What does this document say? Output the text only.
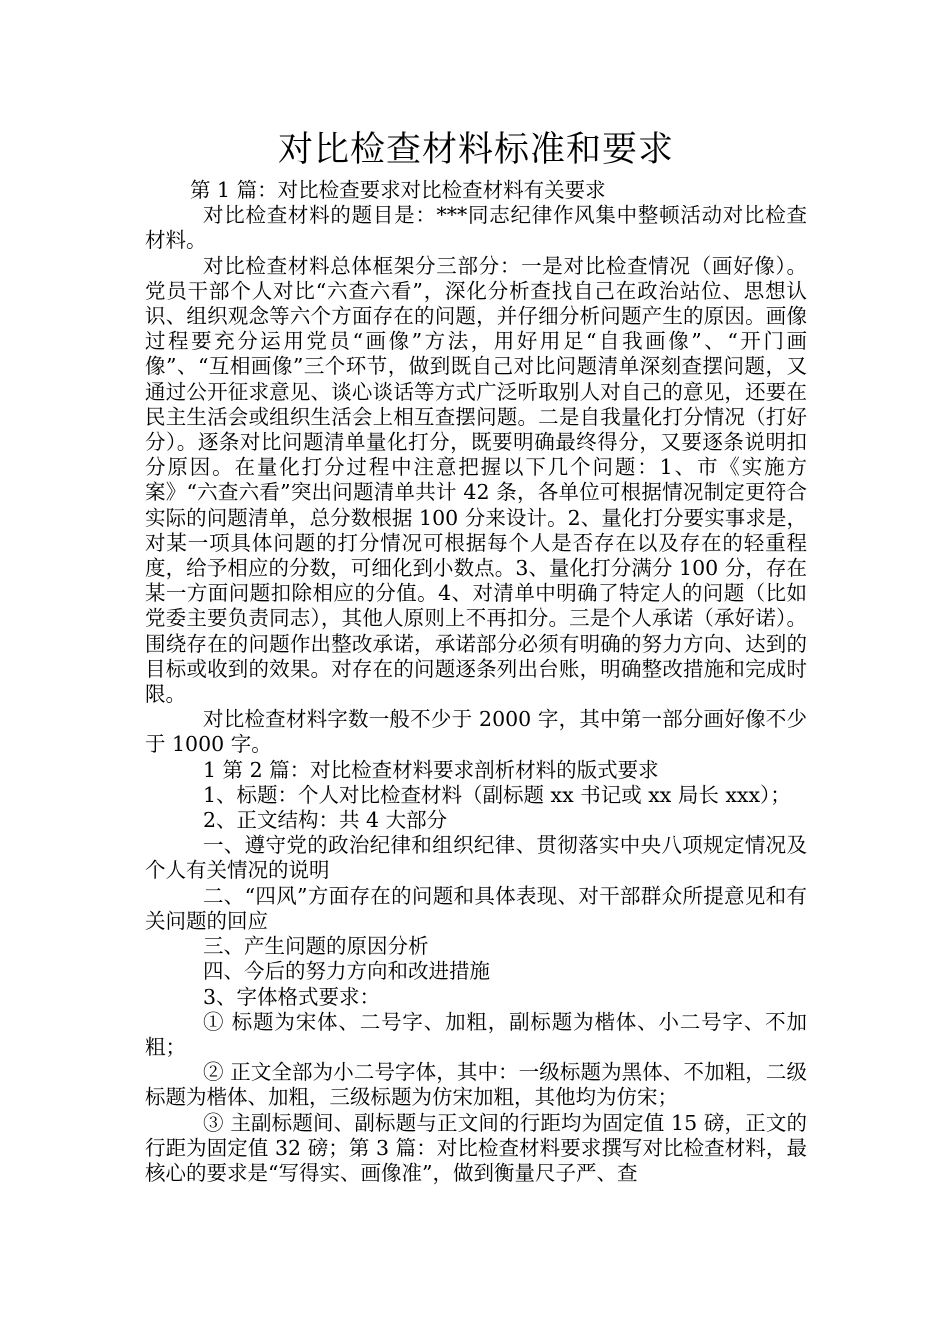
对比检查材料标准和要求

第 1 篇：对比检查要求对比检查材料有关要求

对比检查材料的题目是：***同志纪律作风集中整顿活动对比检查材料。

对比检查材料总体框架分三部分：一是对比检查情况（画好像）。党员干部个人对比“六查六看”，深化分析查找自己在政治站位、思想认识、组织观念等六个方面存在的问题，并仔细分析问题产生的原因。画像过程要充分运用党员“画像”方法，用好用足“自我画像”、“开门画像”、“互相画像”三个环节，做到既自己对比问题清单深刻查摆问题，又通过公开征求意见、谈心谈话等方式广泛听取别人对自己的意见，还要在民主生活会或组织生活会上相互查摆问题。二是自我量化打分情况（打好分）。逐条对比问题清单量化打分，既要明确最终得分，又要逐条说明扣分原因。在量化打分过程中注意把握以下几个问题：1、市《实施方案》“六查六看”突出问题清单共计 42 条，各单位可根据情况制定更符合实际的问题清单，总分数根据 100 分来设计。2、量化打分要实事求是，对某一项具体问题的打分情况可根据每个人是否存在以及存在的轻重程度，给予相应的分数，可细化到小数点。3、量化打分满分 100 分，存在某一方面问题扣除相应的分值。4、对清单中明确了特定人的问题（比如党委主要负责同志），其他人原则上不再扣分。三是个人承诺（承好诺）。围绕存在的问题作出整改承诺，承诺部分必须有明确的努力方向、达到的目标或收到的效果。对存在的问题逐条列出台账，明确整改措施和完成时限。

对比检查材料字数一般不少于 2000 字，其中第一部分画好像不少于 1000 字。

1 第 2 篇：对比检查材料要求剖析材料的版式要求

1、标题：个人对比检查材料（副标题 xx 书记或 xx 局长 xxx）；

2、正文结构：共 4 大部分

一、遵守党的政治纪律和组织纪律、贯彻落实中央八项规定情况及个人有关情况的说明

二、“四风”方面存在的问题和具体表现、对干部群众所提意见和有关问题的回应

三、产生问题的原因分析

四、今后的努力方向和改进措施

3、字体格式要求：

① 标题为宋体、二号字、加粗，副标题为楷体、小二号字、不加粗；

② 正文全部为小二号字体，其中：一级标题为黑体、不加粗，二级标题为楷体、加粗，三级标题为仿宋加粗，其他均为仿宋；

③ 主副标题间、副标题与正文间的行距均为固定值 15 磅，正文的行距为固定值 32 磅；第 3 篇：对比检查材料要求撰写对比检查材料，最核心的要求是“写得实、画像准”，做到衡量尺子严、查
